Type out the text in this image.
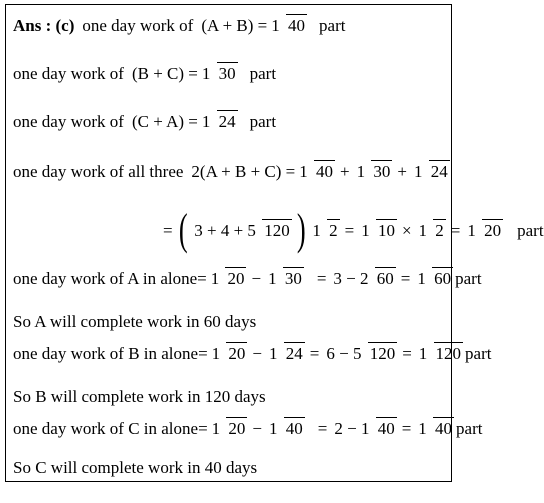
Ans : (c) one day work of (A + B) = 1 40 part
one day work of (B + C) = 1 30 part
one day work of (C + A) = 1 24 part
one day work of all three 2(A + B + C) = 1 40 + 1 30 + 1 24
= ( 3 + 4 + 5 120 ) 1 2 = 1 10 × 1 2 = 1 20 part
one day work of A in alone = 1 20 − 1 30 = 3 − 2 60 = 1 60 part
So A will complete work in 60 days
one day work of B in alone = 1 20 − 1 24 = 6 − 5 120 = 1 120 part
So B will complete work in 120 days
one day work of C in alone = 1 20 − 1 40 = 2 − 1 40 = 1 40 part
So C will complete work in 40 days
